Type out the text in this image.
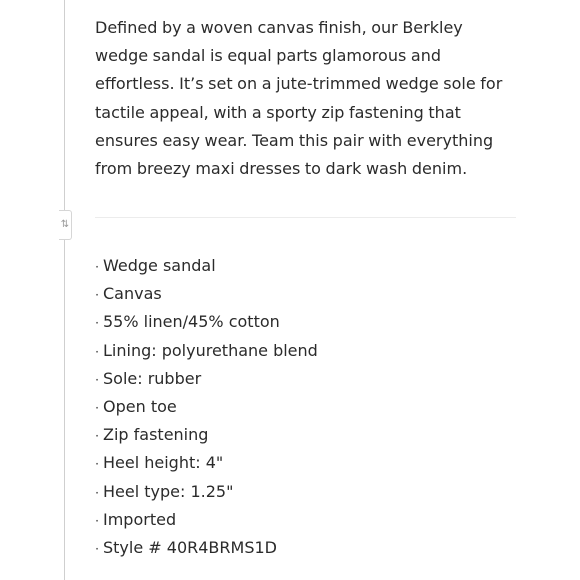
⇅

Defined by a woven canvas finish, our Berkley
wedge sandal is equal parts glamorous and
effortless. It’s set on a jute-trimmed wedge sole for
tactile appeal, with a sporty zip fastening that
ensures easy wear. Team this pair with everything
from breezy maxi dresses to dark wash denim.

· Wedge sandal
· Canvas
· 55% linen/45% cotton
· Lining: polyurethane blend
· Sole: rubber
· Open toe
· Zip fastening
· Heel height: 4"
· Heel type: 1.25"
· Imported
· Style # 40R4BRMS1D
